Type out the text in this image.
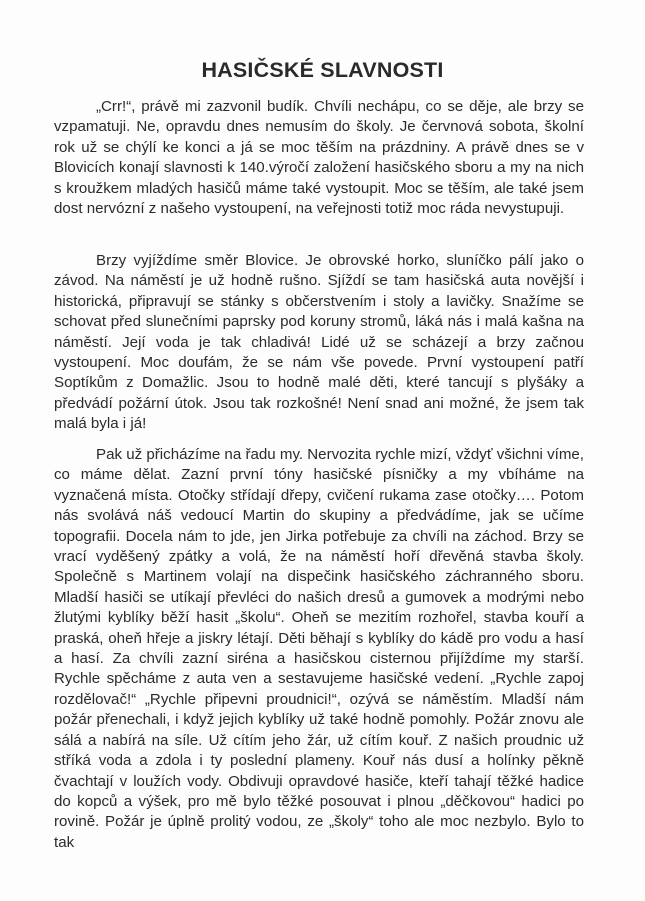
HASIČSKÉ SLAVNOSTI

„Crr!“, právě mi zazvonil budík. Chvíli nechápu, co se děje, ale brzy se vzpamatuji. Ne, opravdu dnes nemusím do školy. Je červnová sobota, školní rok už se chýlí ke konci a já se moc těším na prázdniny. A právě dnes se v Blovicích konají slavnosti k 140.výročí založení hasičského sboru a my na nich s kroužkem mladých hasičů máme také vystoupit. Moc se těším, ale také jsem dost nervózní z našeho vystoupení, na veřejnosti totiž moc ráda nevystupuji.

Brzy vyjíždíme směr Blovice. Je obrovské horko, sluníčko pálí jako o závod. Na náměstí je už hodně rušno. Sjíždí se tam hasičská auta novější i historická, připravují se stánky s občerstvením i stoly a lavičky. Snažíme se schovat před slunečními paprsky pod koruny stromů, láká nás i malá kašna na náměstí. Její voda je tak chladivá! Lidé už se scházejí a brzy začnou vystoupení. Moc doufám, že se nám vše povede. První vystoupení patří Soptíkům z Domažlic. Jsou to hodně malé děti, které tancují s plyšáky a předvádí požární útok. Jsou tak rozkošné! Není snad ani možné, že jsem tak malá byla i já!

Pak už přicházíme na řadu my. Nervozita rychle mizí, vždyť všichni víme, co máme dělat. Zazní první tóny hasičské písničky a my vbíháme na vyznačená místa. Otočky střídají dřepy, cvičení rukama zase otočky…. Potom nás svolává náš vedoucí Martin do skupiny a předvádíme, jak se učíme topografii. Docela nám to jde, jen Jirka potřebuje za chvíli na záchod. Brzy se vrací vyděšený zpátky a volá, že na náměstí hoří dřevěná stavba školy. Společně s Martinem volají na dispečink hasičského záchranného sboru. Mladší hasiči se utíkají převléci do našich dresů a gumovek a modrými nebo žlutými kyblíky běží hasit „školu“. Oheň se mezitím rozhořel, stavba kouří a praská, oheň hřeje a jiskry létají. Děti běhají s kyblíky do kádě pro vodu a hasí a hasí. Za chvíli zazní siréna a hasičskou cisternou přijíždíme my starší. Rychle spěcháme z auta ven a sestavujeme hasičské vedení. „Rychle zapoj rozdělovač!“ „Rychle připevni proudnici!“, ozývá se náměstím. Mladší nám požár přenechali, i když jejich kyblíky už také hodně pomohly. Požár znovu ale sálá a nabírá na síle. Už cítím jeho žár, už cítím kouř. Z našich proudnic už stříká voda a zdola i ty poslední plameny. Kouř nás dusí a holínky pěkně čvachtají v loužích vody. Obdivuji opravdové hasiče, kteří tahají těžké hadice do kopců a výšek, pro mě bylo těžké posouvat i plnou „děčkovou“ hadici po rovině. Požár je úplně prolitý vodou, ze „školy“ toho ale moc nezbylo. Bylo to tak
